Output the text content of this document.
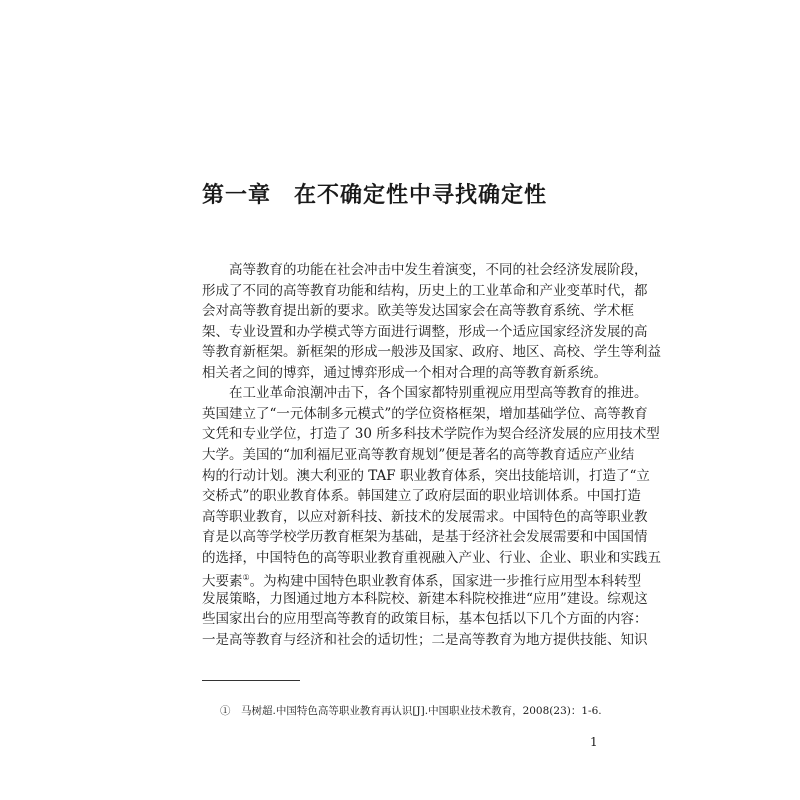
第一章　在不确定性中寻找确定性
高等教育的功能在社会冲击中发生着演变，不同的社会经济发展阶段，
形成了不同的高等教育功能和结构，历史上的工业革命和产业变革时代，都
会对高等教育提出新的要求。欧美等发达国家会在高等教育系统、学术框
架、专业设置和办学模式等方面进行调整，形成一个适应国家经济发展的高
等教育新框架。新框架的形成一般涉及国家、政府、地区、高校、学生等利益
相关者之间的博弈，通过博弈形成一个相对合理的高等教育新系统。
在工业革命浪潮冲击下，各个国家都特别重视应用型高等教育的推进。
英国建立了“一元体制多元模式”的学位资格框架，增加基础学位、高等教育
文凭和专业学位，打造了 30 所多科技术学院作为契合经济发展的应用技术型
大学。美国的“加利福尼亚高等教育规划”便是著名的高等教育适应产业结
构的行动计划。澳大利亚的 TAF 职业教育体系，突出技能培训，打造了“立
交桥式”的职业教育体系。韩国建立了政府层面的职业培训体系。中国打造
高等职业教育，以应对新科技、新技术的发展需求。中国特色的高等职业教
育是以高等学校学历教育框架为基础，是基于经济社会发展需要和中国国情
的选择，中国特色的高等职业教育重视融入产业、行业、企业、职业和实践五
大要素①。为构建中国特色职业教育体系，国家进一步推行应用型本科转型
发展策略，力图通过地方本科院校、新建本科院校推进“应用”建设。综观这
些国家出台的应用型高等教育的政策目标，基本包括以下几个方面的内容：
一是高等教育与经济和社会的适切性；二是高等教育为地方提供技能、知识
①　 马树超.中国特色高等职业教育再认识[J].中国职业技术教育，2008(23)：1-6.
1
